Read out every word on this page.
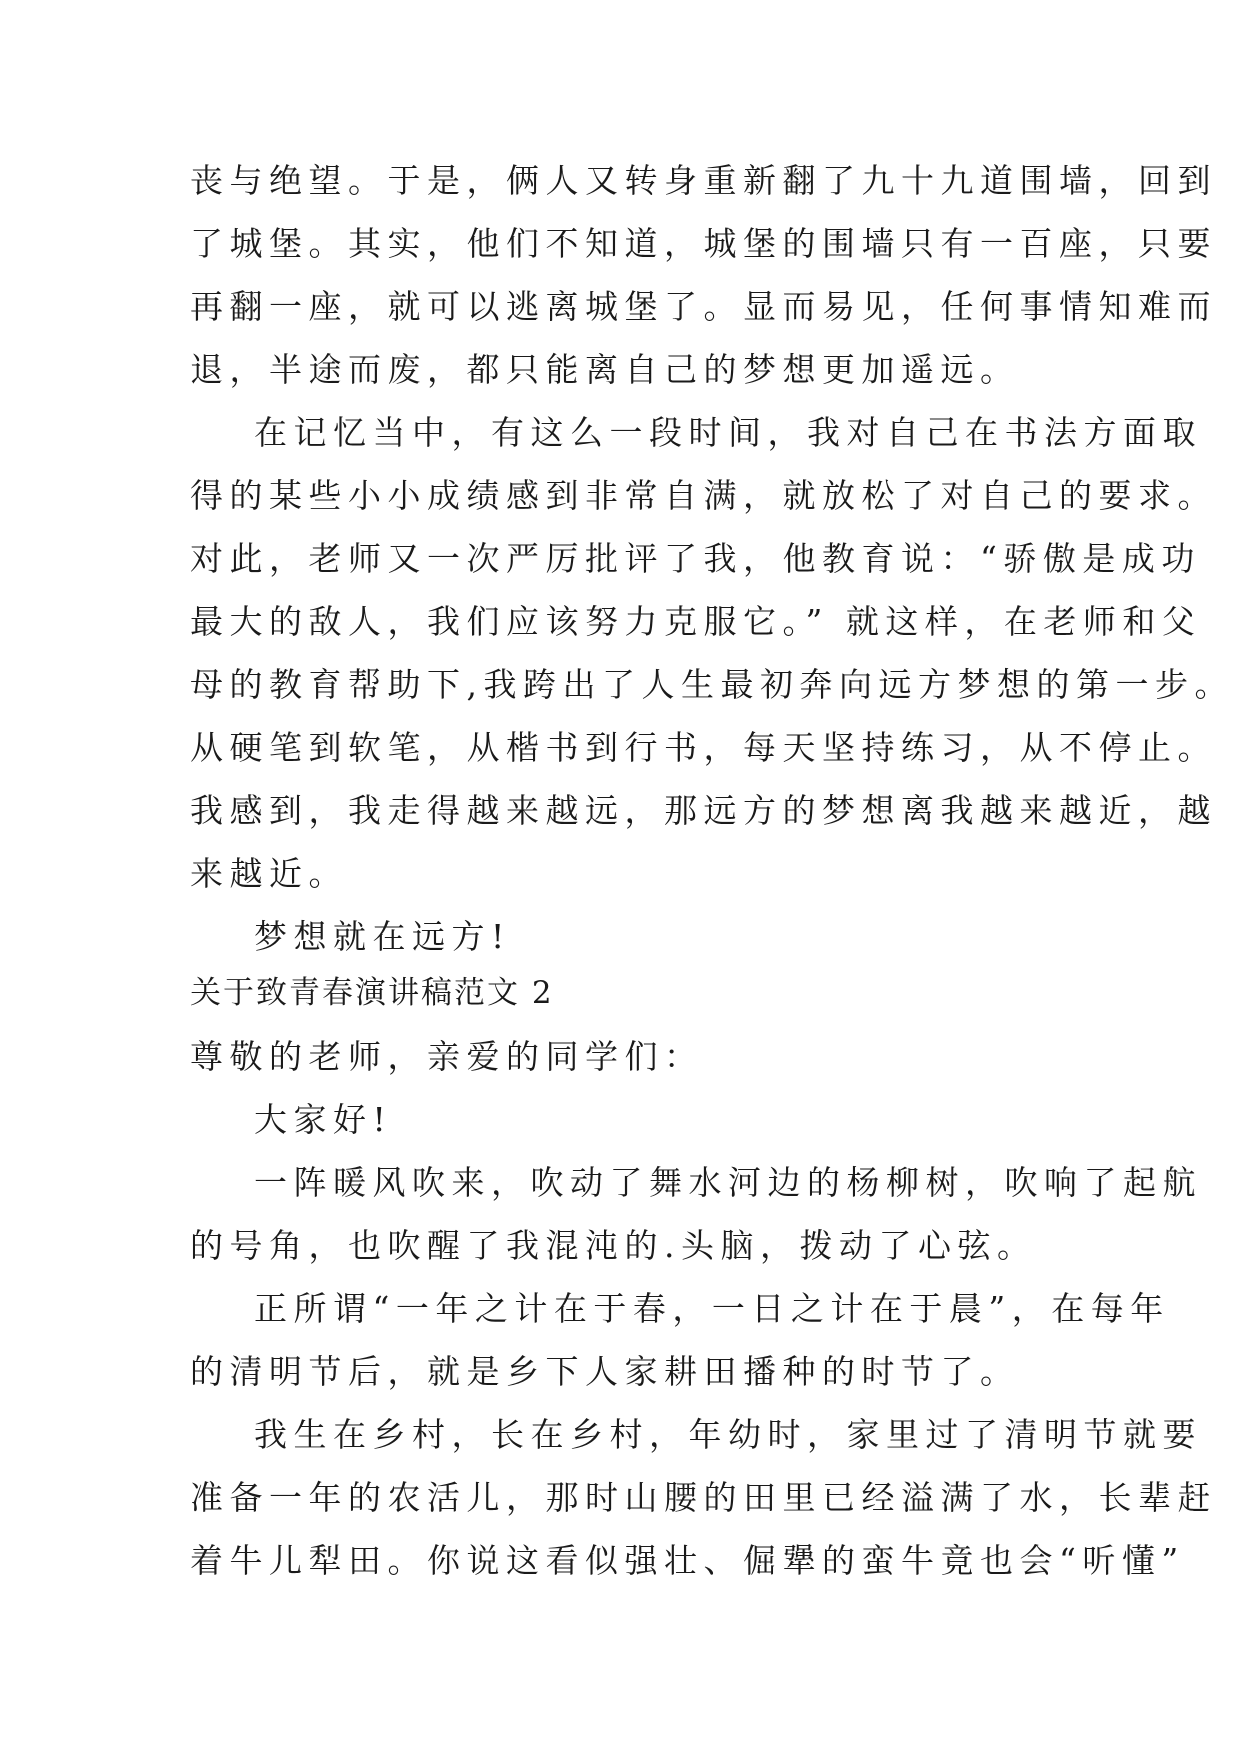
丧与绝望。于是，俩人又转身重新翻了九十九道围墙，回到
了城堡。其实，他们不知道，城堡的围墙只有一百座，只要
再翻一座，就可以逃离城堡了。显而易见，任何事情知难而
退，半途而废，都只能离自己的梦想更加遥远。
在记忆当中，有这么一段时间，我对自己在书法方面取
得的某些小小成绩感到非常自满，就放松了对自己的要求。
对此，老师又一次严厉批评了我，他教育说：“骄傲是成功
最大的敌人，我们应该努力克服它。” 就这样，在老师和父
母的教育帮助下,我跨出了人生最初奔向远方梦想的第一步。
从硬笔到软笔，从楷书到行书，每天坚持练习，从不停止。
我感到，我走得越来越远，那远方的梦想离我越来越近，越
来越近。
梦想就在远方!
关于致青春演讲稿范文 2
尊敬的老师，亲爱的同学们：
大家好!
一阵暖风吹来，吹动了舞水河边的杨柳树，吹响了起航
的号角，也吹醒了我混沌的.头脑，拨动了心弦。
正所谓“一年之计在于春，一日之计在于晨”，在每年
的清明节后，就是乡下人家耕田播种的时节了。
我生在乡村，长在乡村，年幼时，家里过了清明节就要
准备一年的农活儿，那时山腰的田里已经溢满了水，长辈赶
着牛儿犁田。你说这看似强壮、倔犟的蛮牛竟也会“听懂”
